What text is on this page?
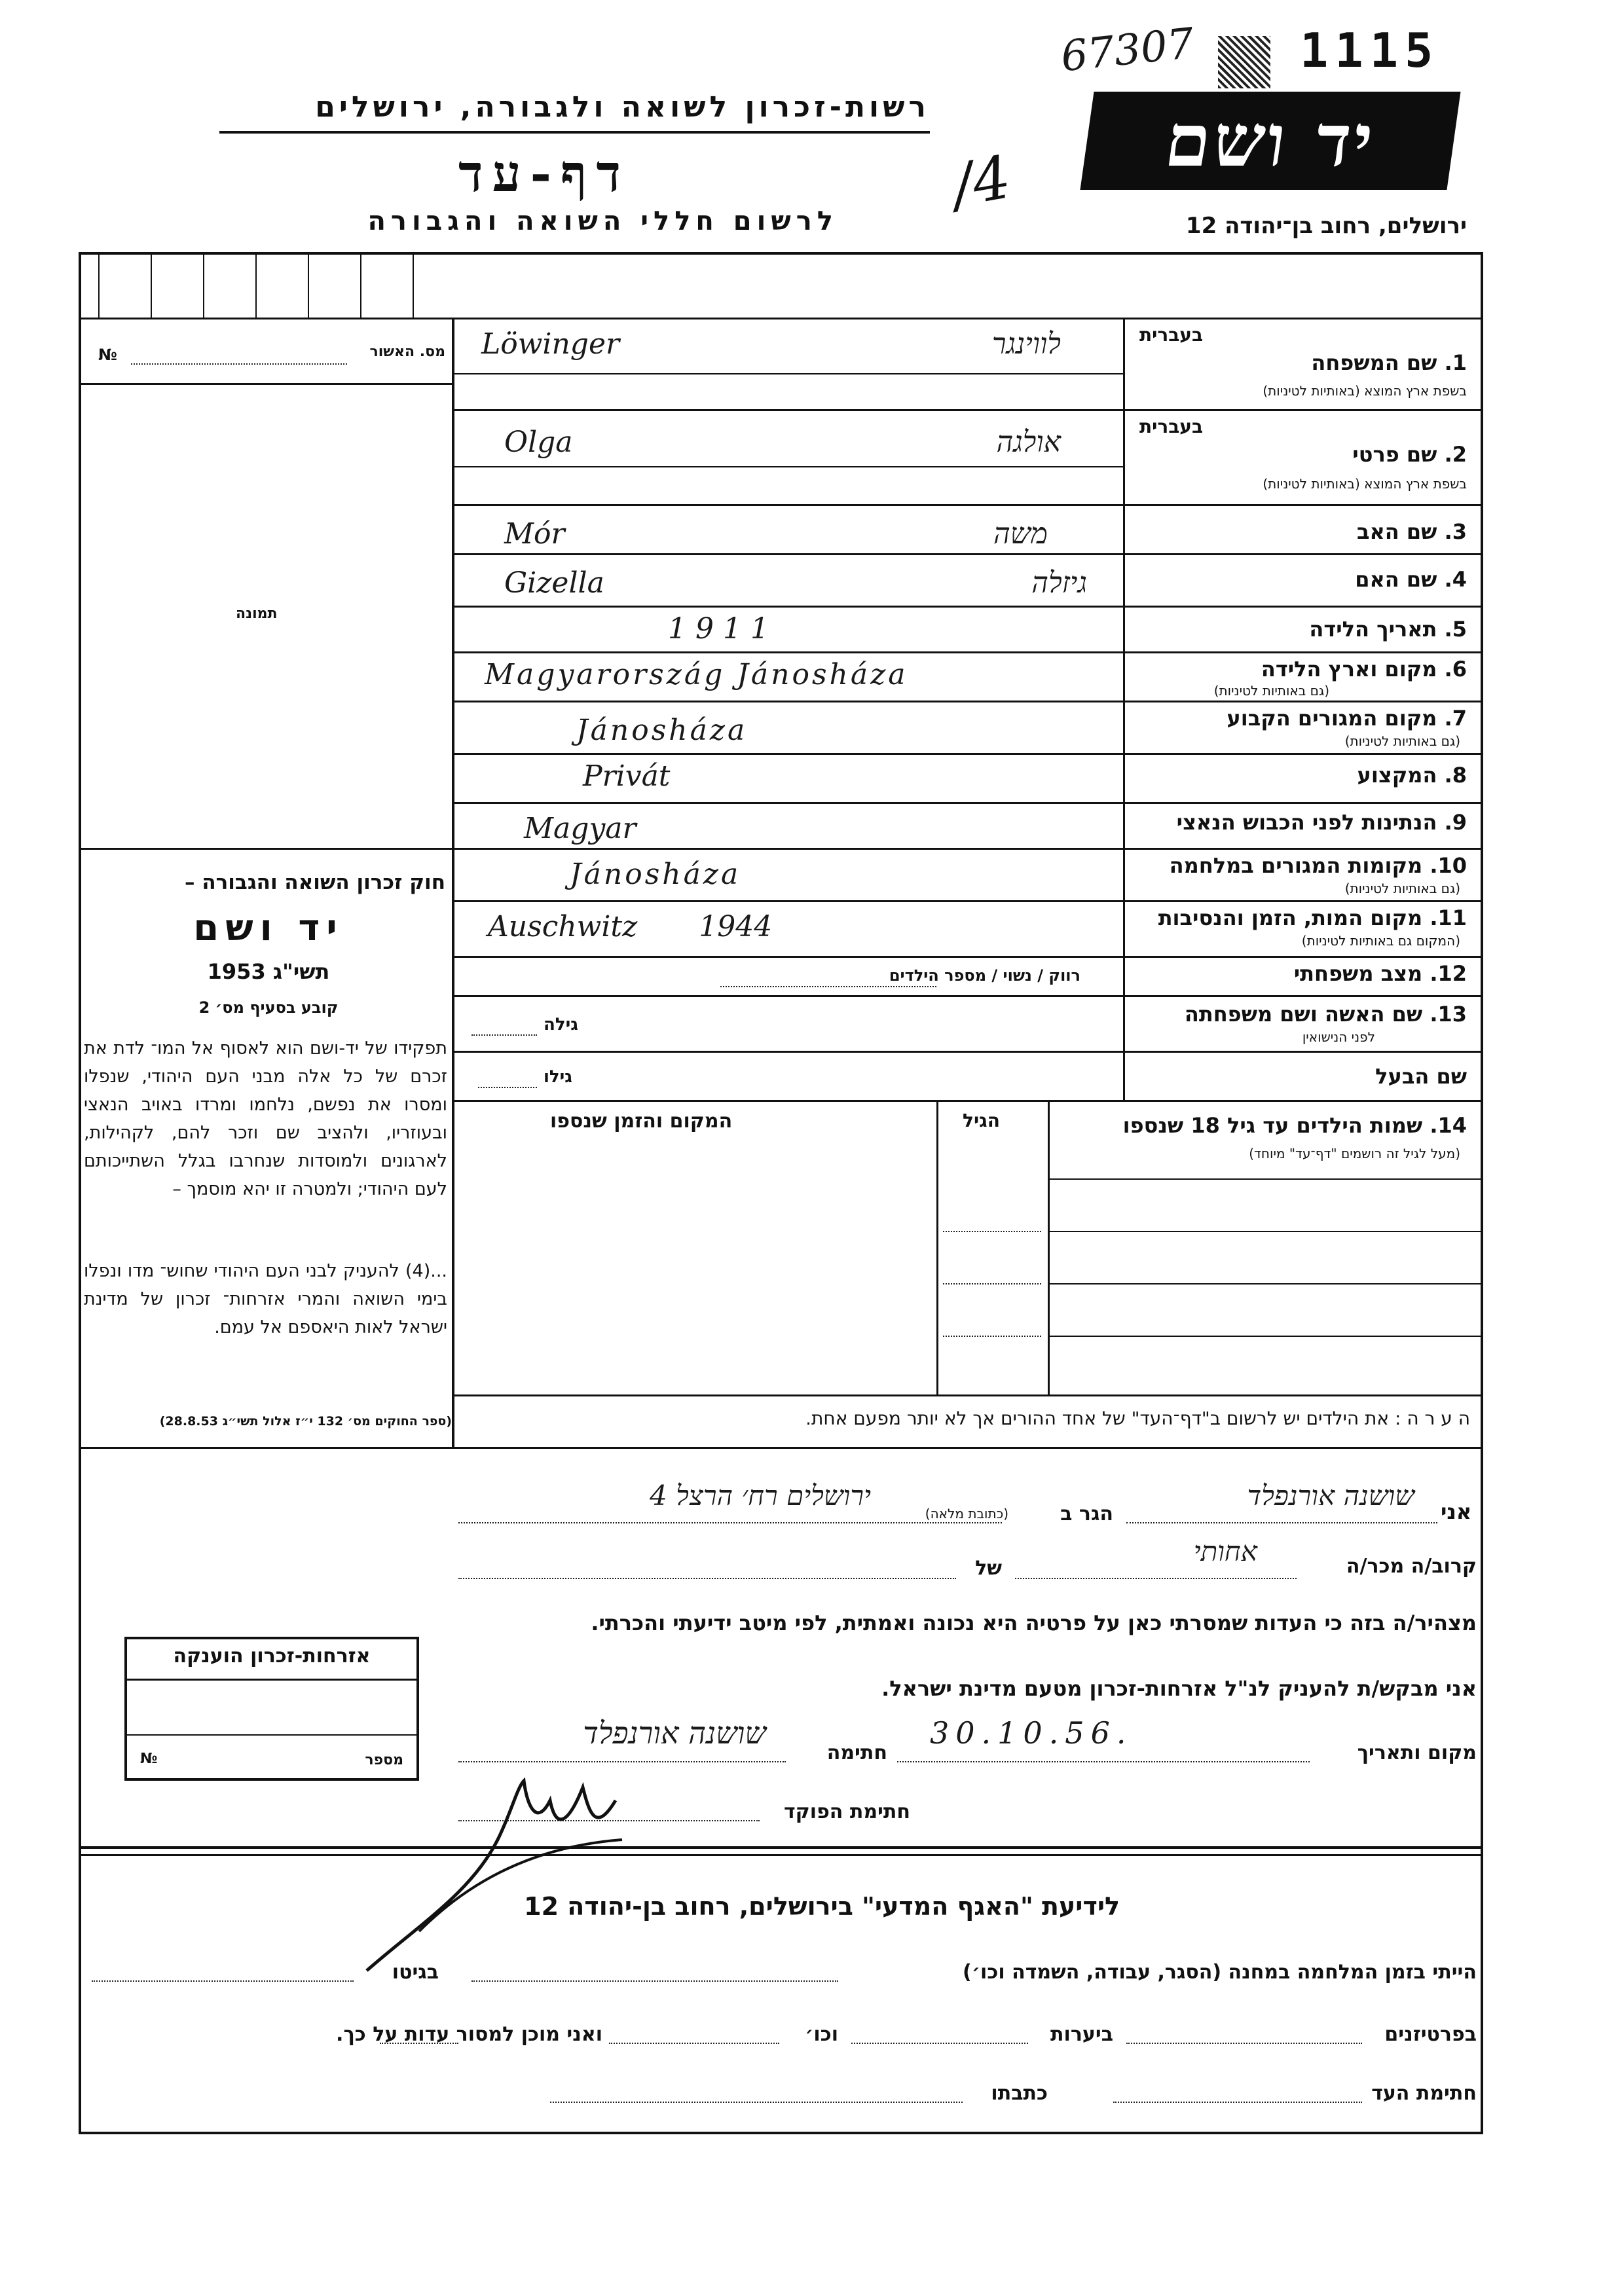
67307 1115
יד ושם
רשות-זכרון לשואה ולגבורה, ירושלים
דף-עד	/4
לרשום חללי השואה והגבורה	ירושלים, רחוב בן־יהודה 12
מס. האשור
№
תמונה
חוק זכרון השואה והגבורה –
יד ושם
תשי"ג 1953
קובע בסעיף מס׳ 2
תפקידו של יד-ושם הוא לאסוף אל המו־ לדת את זכרם של כל אלה מבני העם היהודי, שנפלו ומסרו את נפשם, נלחמו ומרדו באויב הנאצי ובעוזריו, ולהציב שם וזכר להם, לקהילות, לארגונים ולמוסדות שנחרבו בגלל השתייכותם לעם היהודי; ולמטרה זו יהא מוסמך –
...(4) להעניק לבני העם היהודי שחוש־ מדו ונפלו בימי השואה והמרי אזרחות־ זכרון של מדינת ישראל לאות היאספם אל עמם.
(ספר החוקים מס׳ 132 י״ז אלול תשי״ג 28.8.53)
בעברית
1. שם המשפחה
בשפת ארץ המוצא (באותיות לטיניות)
Löwinger	לווינגר
בעברית
2. שם פרטי
בשפת ארץ המוצא (באותיות לטיניות)
Olga	אולגה
3. שם האב
Mór	משה
4. שם האם
Gizella	גיזלה
5. תאריך הלידה
1911
6. מקום וארץ הלידה
(גם באותיות לטיניות)
Magyarország Jánosháza
7. מקום המגורים הקבוע
(גם באותיות לטיניות)
Jánosháza
8. המקצוע
Privát
9. הנתינות לפני הכבוש הנאצי
Magyar
10. מקומות המגורים במלחמה
(גם באותיות לטיניות)
Jánosháza
11. מקום המות, הזמן והנסיבות
(המקום גם באותיות לטיניות)
Auschwitz 1944
12. מצב משפחתי
רווק / נשוי / מספר הילדים
13. שם האשה ושם משפחתה
לפני הנישואין
גילה
שם הבעל
גילו
14. שמות הילדים עד גיל 18 שנספו
(מעל לגיל זה רושמים "דף־עד" מיוחד)
הגיל
המקום והזמן שנספו
ה ע ר ה : את הילדים יש לרשום ב"דף־העד" של אחד ההורים אך לא יותר מפעם אחת.
אני
שושנה אורנפלד
הגר ב
(כתובת מלאה)
ירושלים רח׳ הרצל 4
קרוב/ה מכר/ה
אחותי
של
מצהיר/ה בזה כי העדות שמסרתי כאן על פרטיה היא נכונה ואמתית, לפי מיטב ידיעתי והכרתי.
אני מבקש/ת להעניק לנ"ל אזרחות-זכרון מטעם מדינת ישראל.
מקום ותאריך
30.10.56.
חתימה
שושנה אורנפלד
חתימת הפוקד
אזרחות-זכרון הוענקה
מספר
№
לידיעת "האגף המדעי" בירושלים, רחוב בן-יהודה 12
הייתי בזמן המלחמה במחנה (הסגר, עבודה, השמדה וכו׳)
בגיטו
בפרטיזנים
ביערות
וכו׳
ואני מוכן למסור עדות על כך.
חתימת העד
כתבתו
